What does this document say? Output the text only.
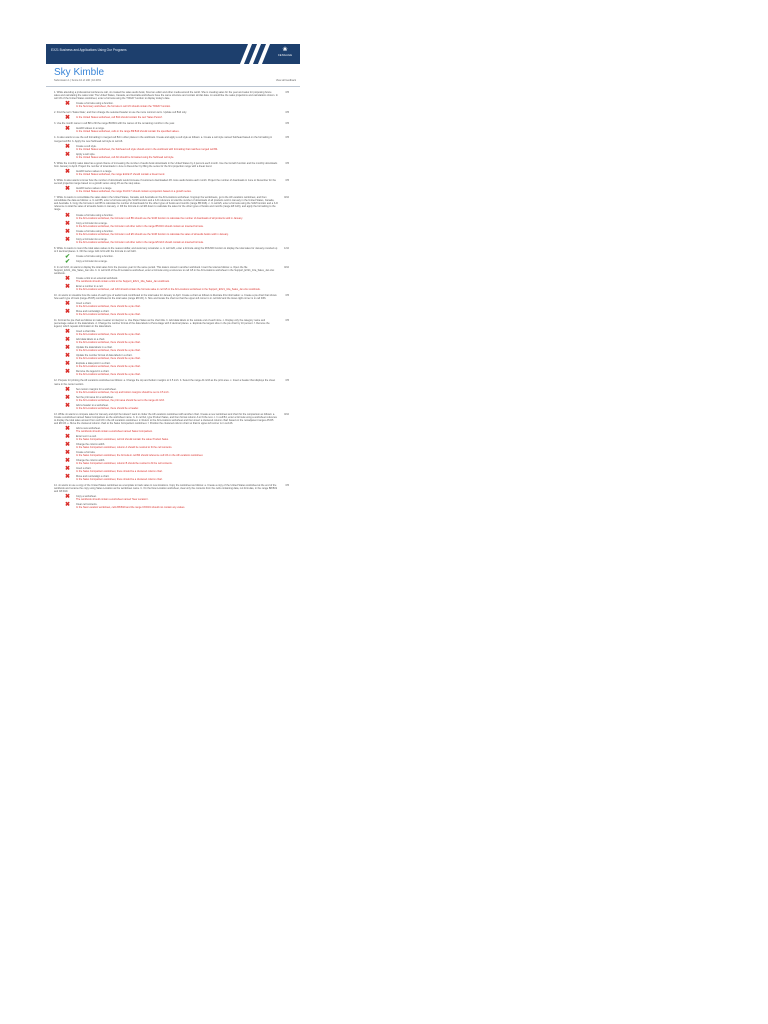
EX21 Business and Applications Using Our Programs	❀
CENGAGE
Sky Kimble
Submission 1 | Score 10 of 100 | 10.00%	View all feedback
1. While attending a professional conference call, Jo created the sales audio book, hired an editor and other media around the world. She is creating sales for the year and sales for proposing future sales and calculating the sales total. The United States, Canada, and Australia worksheets have the same structure and contain similar data. Jo would like the sales projections and calculations shown. In cell G5 of the United States worksheet, enter a formula using the TODAY function to display today's date.
0/5
✖ Create a formula using a function.
In the Summary worksheet, the formula in cell G5 should contain the TODAY function.
2. Find the term 'Sales Date', and then change the selected header to use the more common term. Update cell B14 only.	0/5
✖ In the United States worksheet, cell B14 should contain the text 'Sales Period'.
3. Use the month name in cell B8 to fill the range B9:B19 with the names of the remaining months in the year.	0/5
✖ AutoFill values in a range.
In the United States worksheet, cells in the range B9:B19 should contain the specified values.
4. Jo also wants to use the cell formatting in merged cell B4 in other places in the workbook. Create and apply a cell style as follows: a. Create a cell style named Subhead based on the formatting in merged cell B4. b. Apply the new Subhead cell style to cell A6.
0/5
✖ Create a cell style.
In the United States worksheet, the Subhead cell style should exist in the workbook with formatting that matches merged cell B4.
✖ Apply a cell style.
In the United States worksheet, cell A6 should be formatted using the Subhead cell style.
5. While the monthly sales data has a good chance of increasing the number of audio book downloads in the United States by 4 percent each month. Use the Growth function and the monthly downloads from January to April. Project the number of downloads in June to December by filling the series for the first projection range with a linear trend.
0/5
✖ AutoFill series values in a range.
In the United States worksheet, the range E11:E17 should contain a linear trend.
6. While Jo also wants to know how the number of downloads would increase if customers downloaded 4% more audio books each month. Project the number of downloads in June to December for the second projection range based on a growth series using 4% as the step value.
0/5
✖ AutoFill series values in a range.
In the United States worksheet, the range F11:F17 should contain a projection based on a growth series.
7. While Jo wants to consolidate the sales data in the United States, Canada, and Australia on the All Locations worksheet. Ungroup the worksheets, go to the All Locations worksheet, and then consolidate the data as follows: a. In cell B5, enter a formula using the SUM function and a 3-D reference to total the number of downloads of all products sold in January in the United States, Canada, and Australia. b. Copy the formula in cell B5 to calculate the number of downloads for the other types of books and months (range B5:D16). c. In cell E5, enter a formula using the SUM function and a 3-D reference to total the sales of all audio books in January. d. Fill the formula in cell E5 down to calculate the sales for the other types of books and months (range E5:G16), and apply the formatting to the range.
0/10
✖ Create a formula using a function.
In the All Locations worksheet, the formula in cell B5 should use the SUM function to calculate the number of downloads of all products sold in January.
✖ Copy a formula into a range.
In the All Locations worksheet, the formula in all other cells in the range B5:D16 should contain an inserted formula.
✖ Create a formula using a function.
In the All Locations worksheet, the formula in cell E5 should use the SUM function to calculate the sales of all audio books sold in January.
✖ Copy a formula into a range.
In the All Locations worksheet, the formula in all other cells in the range E5:G16 should contain an inserted formula.
8. While Jo wants to round the total sales values to the nearest dollar, and avoid any remainder. a. In cell G20, enter a formula using the ROUND function to display the total sales for January rounded up to 0 decimal places. b. Fill the range G21:G31 with the formula in cell G20.
1/10
✔ Create a formula using a function.
✔ Copy a formula into a range.
9. In cell G33, Jo wants to display the total sales from the previous year for the same period. This data is stored in another workbook. Insert the total as follows: a. Open the file Support_EX21_10a_Sales_Jan.xlsx. b. In cell G33 of the All Locations worksheet, enter a formula using a reference to cell G5 in the All Locations worksheet in the Support_EX21_10a_Sales_Jan.xlsx workbook.
0/10
✖ Create a link to an external workbook.
The workbook should contain a link to the Support_EX21_10a_Sales_Jan workbook.
✖ Enter a number in a cell.
In the All Locations worksheet, cell G33 should contain the formula value in cell G5 in the All Locations worksheet in the Support_EX21_10a_Sales_Jan.xlsx workbook.
10. Jo wants to visualize how the sales of each type of audio book contributed to the total sales for January to April. Create a chart as follows to illustrate this information: a. Create a pie chart that shows how each type of book (range A5:D5) contributed to the total sales (range E5:G5). b. Size and locate the chart so that the upper-left corner is in cell A22 and the lower-right corner is in cell D36.
0/5
✖ Insert a chart.
In the All Locations worksheet, there should be a pie chart.
✖ Move and resize/align a chart.
In the All Locations worksheet, there should be a pie chart.
11. Format the pie chart as follows to make it easier to interpret: a. Use Paper Sales as the chart title. b. Add data labels to the outside end of each slice. c. Display only the category name and percentage values in the data labels. d. Change the number format of the data labels to Percentage with 0 decimal places. e. Explode the largest slice in the pie chart by 10 percent. f. Remove the legend, which repeats information in the data labels.
0/5
✖ Insert a chart title.
In the All Locations worksheet, there should be a pie chart.
✖ Add data labels to a chart.
In the All Locations worksheet, there should be a pie chart.
✖ Update the data labels in a chart.
In the All Locations worksheet, there should be a pie chart.
✖ Update the number format of data labels in a chart.
In the All Locations worksheet, there should be a pie chart.
✖ Explode a data point in a chart.
In the All Locations worksheet, there should be a pie chart.
✖ Remove the legend in a chart.
In the All Locations worksheet, there should be a pie chart.
12. Prepare for printing the All Locations worksheet as follows: a. Change the top and bottom margins to 0.5 inch. b. Select the range A1:G33 as the print area. c. Insert a header that displays the sheet name in the center section.
0/5
✖ Set custom margins for a worksheet.
In the All Locations worksheet, the top and bottom margins should be set to 0.5 inch.
✖ Set the print area for a worksheet.
In the All Locations worksheet, the print area should be set to the range A1:G33.
✖ Add a header to a worksheet.
In the All Locations worksheet, there should be a header.
13. While Jo wants to compare sales for January and April but doesn't want to clutter the All Locations worksheet with another chart. Create a new worksheet and chart for the comparison as follows: a. Create a worksheet named Sales Comparison as the worksheet name. b. In cell A2, type Product Sales, and then format column A to fit the text. c. In cell B4, enter a formula using a worksheet reference to display the total sales amount from cell G5 in the All Locations worksheet. d. Return to the All Locations worksheet and then insert a clustered column chart based on the nonadjacent ranges A5:D5 and E5:G5. e. Move the clustered column chart to the Sales Comparison worksheet. f. Position the clustered column chart so that its upper-left corner is in cell A6.
0/10
✖ Add a new worksheet.
The workbook should contain a worksheet named Sales Comparison.
✖ Enter text in a cell.
In the Sales Comparison worksheet, cell A2 should contain the value Product Sales.
✖ Change the column width.
In the Sales Comparison worksheet, column A should be resized to fit the cell contents.
✖ Create a formula.
In the Sales Comparison worksheet, the formula in cell B4 should reference cell G5 on the All Locations worksheet.
✖ Change the column width.
In the Sales Comparison worksheet, column B should be resized to fit the cell contents.
✖ Insert a chart.
In the Sales Comparison worksheet, there should be a clustered column chart.
✖ Move and resize/align a chart.
In the Sales Comparison worksheet, there should be a clustered column chart.
14. Jo wants to use a copy of the United States worksheet as a template to track sales in new locations. Copy the worksheet as follows: a. Create a copy of the United States worksheet at the end of the workbook and rename the copy using Sales Location as the worksheet name. b. On the New Location worksheet, clear only the contents from the cells containing data, not formulas, in the range B8:B19 and C8:D19.
0/5
✖ Copy a worksheet.
The workbook should contain a worksheet named 'New Location'.
✖ Clear cell contents.
In the New Location worksheet, cells B8:B19 and the range C8:D19 should not contain any values.
